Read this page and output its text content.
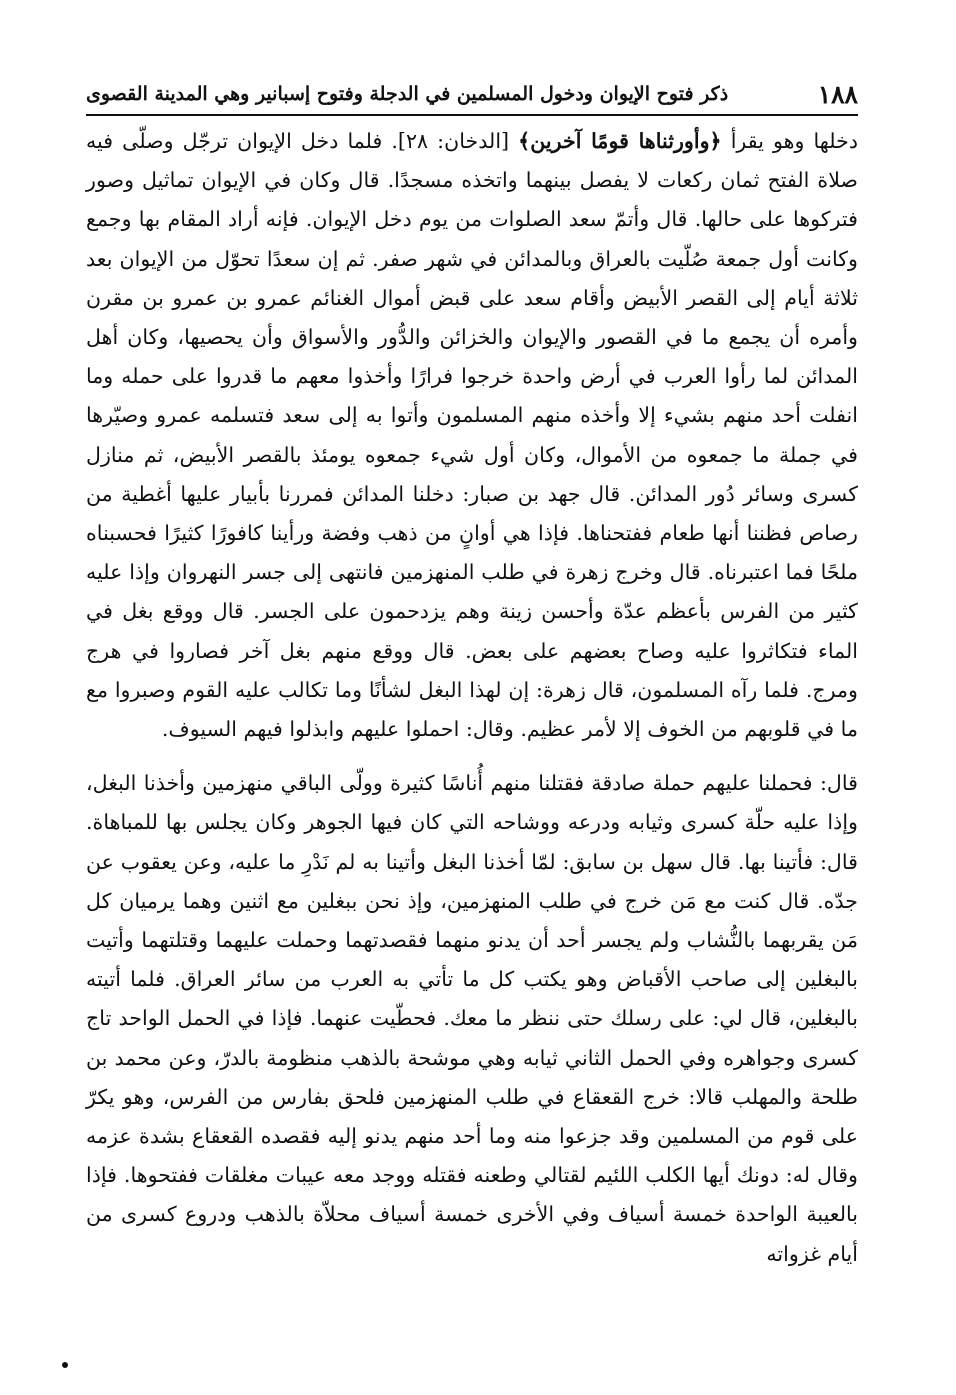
١٨٨
ذكر فتوح الإيوان ودخول المسلمين في الدجلة وفتوح إسبانير وهي المدينة القصوى

دخلها وهو يقرأ ﴿وأورثناها قومًا آخرين﴾ [الدخان: ٢٨]. فلما دخل الإيوان ترجّل وصلّى فيه صلاة الفتح ثمان ركعات لا يفصل بينهما واتخذه مسجدًا. قال وكان في الإيوان تماثيل وصور فتركوها على حالها. قال وأتمّ سعد الصلوات من يوم دخل الإيوان. فإنه أراد المقام بها وجمع وكانت أول جمعة صُلّيت بالعراق وبالمدائن في شهر صفر. ثم إن سعدًا تحوّل من الإيوان بعد ثلاثة أيام إلى القصر الأبيض وأقام سعد على قبض أموال الغنائم عمرو بن عمرو بن مقرن وأمره أن يجمع ما في القصور والإيوان والخزائن والدُّور والأسواق وأن يحصيها، وكان أهل المدائن لما رأوا العرب في أرض واحدة خرجوا فرارًا وأخذوا معهم ما قدروا على حمله وما انفلت أحد منهم بشيء إلا وأخذه منهم المسلمون وأتوا به إلى سعد فتسلمه عمرو وصيّرها في جملة ما جمعوه من الأموال، وكان أول شيء جمعوه يومئذ بالقصر الأبيض، ثم منازل كسرى وسائر دُور المدائن. قال جهد بن صبار: دخلنا المدائن فمررنا بأبيار عليها أغطية من رصاص فظننا أنها طعام ففتحناها. فإذا هي أوانٍ من ذهب وفضة ورأينا كافورًا كثيرًا فحسبناه ملحًا فما اعتبرناه. قال وخرج زهرة في طلب المنهزمين فانتهى إلى جسر النهروان وإذا عليه كثير من الفرس بأعظم عدّة وأحسن زينة وهم يزدحمون على الجسر. قال ووقع بغل في الماء فتكاثروا عليه وصاح بعضهم على بعض. قال ووقع منهم بغل آخر فصاروا في هرج ومرج. فلما رآه المسلمون، قال زهرة: إن لهذا البغل لشأنًا وما تكالب عليه القوم وصبروا مع ما في قلوبهم من الخوف إلا لأمر عظيم. وقال: احملوا عليهم وابذلوا فيهم السيوف.

قال: فحملنا عليهم حملة صادقة فقتلنا منهم أُناسًا كثيرة وولّى الباقي منهزمين وأخذنا البغل، وإذا عليه حلّة كسرى وثيابه ودرعه ووشاحه التي كان فيها الجوهر وكان يجلس بها للمباهاة. قال: فأتينا بها. قال سهل بن سابق: لمّا أخذنا البغل وأتينا به لم نَدْرِ ما عليه، وعن يعقوب عن جدّه. قال كنت مع مَن خرج في طلب المنهزمين، وإذ نحن ببغلين مع اثنين وهما يرميان كل مَن يقربهما بالنُّشاب ولم يجسر أحد أن يدنو منهما فقصدتهما وحملت عليهما وقتلتهما وأتيت بالبغلين إلى صاحب الأقباض وهو يكتب كل ما تأتي به العرب من سائر العراق. فلما أتيته بالبغلين، قال لي: على رسلك حتى ننظر ما معك. فحطّيت عنهما. فإذا في الحمل الواحد تاج كسرى وجواهره وفي الحمل الثاني ثيابه وهي موشحة بالذهب منظومة بالدرّ، وعن محمد بن طلحة والمهلب قالا: خرج القعقاع في طلب المنهزمين فلحق بفارس من الفرس، وهو يكرّ على قوم من المسلمين وقد جزعوا منه وما أحد منهم يدنو إليه فقصده القعقاع بشدة عزمه وقال له: دونك أيها الكلب اللئيم لقتالي وطعنه فقتله ووجد معه عيبات مغلقات ففتحوها. فإذا بالعيبة الواحدة خمسة أسياف وفي الأخرى خمسة أسياف محلاّة بالذهب ودروع كسرى من أيام غزواته
